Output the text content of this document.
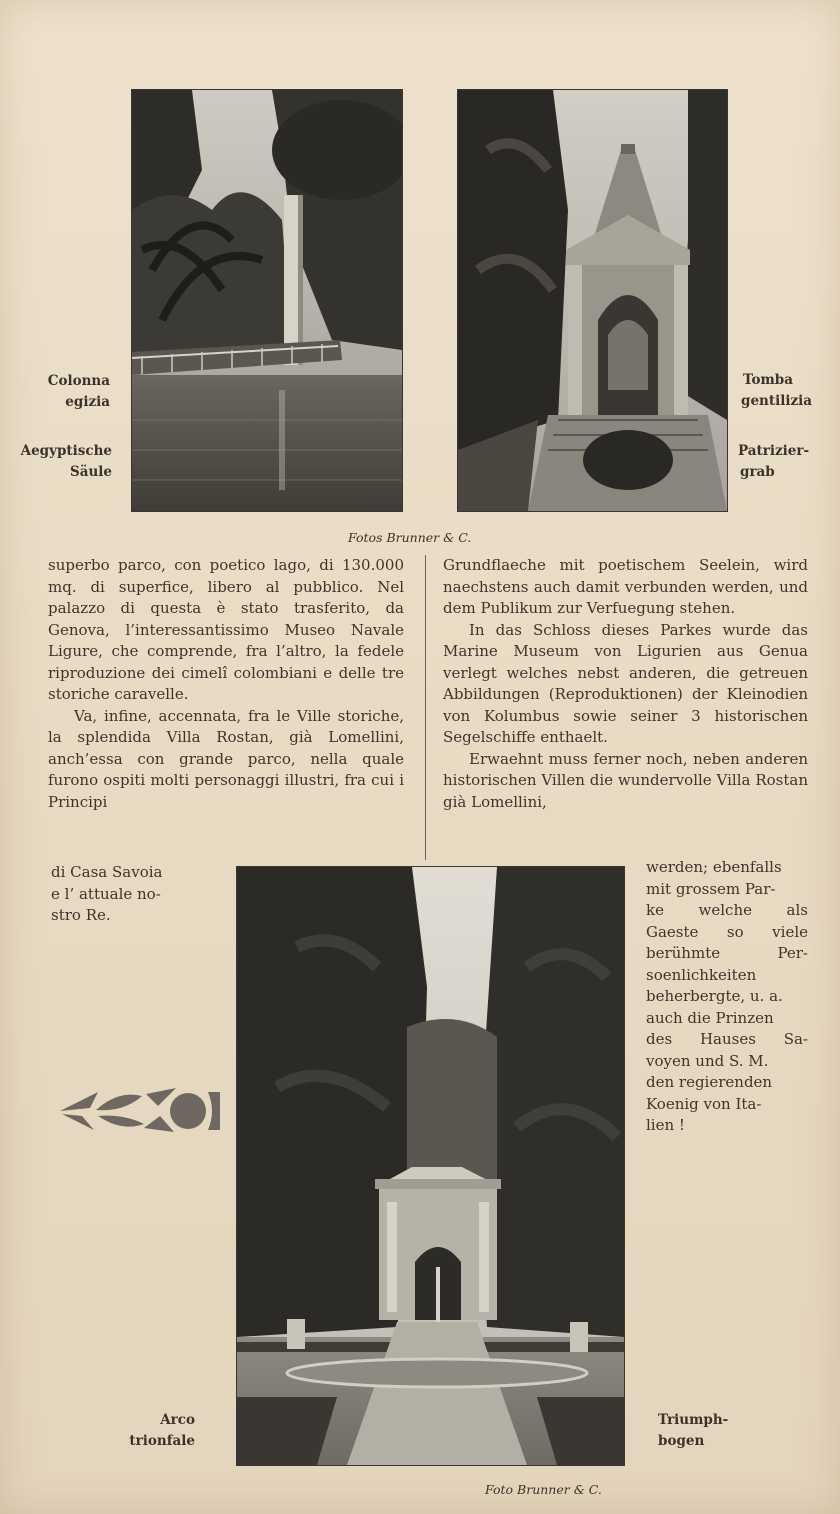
Colonna
egizia
Aegyptische
Säule
Tomba
gentilizia
Patrizier-
grab
Fotos Brunner & C.

superbo parco, con poetico lago, di 130.000 mq. di superfice, libero al pubblico. Nel palazzo di questa è stato trasferito, da Genova, l’interessantissimo Museo Navale Ligure, che comprende, fra l’altro, la fedele riproduzione dei cimelî colombiani e delle tre storiche caravelle.

Va, infine, accennata, fra le Ville storiche, la splendida Villa Rostan, già Lomellini, anch’essa con grande parco, nella quale furono ospiti molti personaggi illustri, fra cui i Principi

di Casa Savoia
e l’ attuale no-
stro Re.

Grundflaeche mit poetischem Seelein, wird naechstens auch damit verbunden werden, und dem Publikum zur Verfuegung stehen.

In das Schloss dieses Parkes wurde das Marine Museum von Ligurien aus Genua verlegt welches nebst anderen, die getreuen Abbildungen (Reproduktionen) der Kleinodien von Kolumbus sowie seiner 3 historischen Segelschiffe enthaelt.

Erwaehnt muss ferner noch, neben anderen historischen Villen die wundervolle Villa Rostan già Lomellini,

werden; ebenfalls
mit grossem Par-
ke welche als
Gaeste so viele
berühmte Per-
soenlichkeiten
beherbergte, u. a.
auch die Prinzen
des Hauses Sa-
voyen und S. M.
den regierenden
Koenig von Ita-
lien !
Arco
trionfale
Triumph-
bogen
Foto Brunner & C.
